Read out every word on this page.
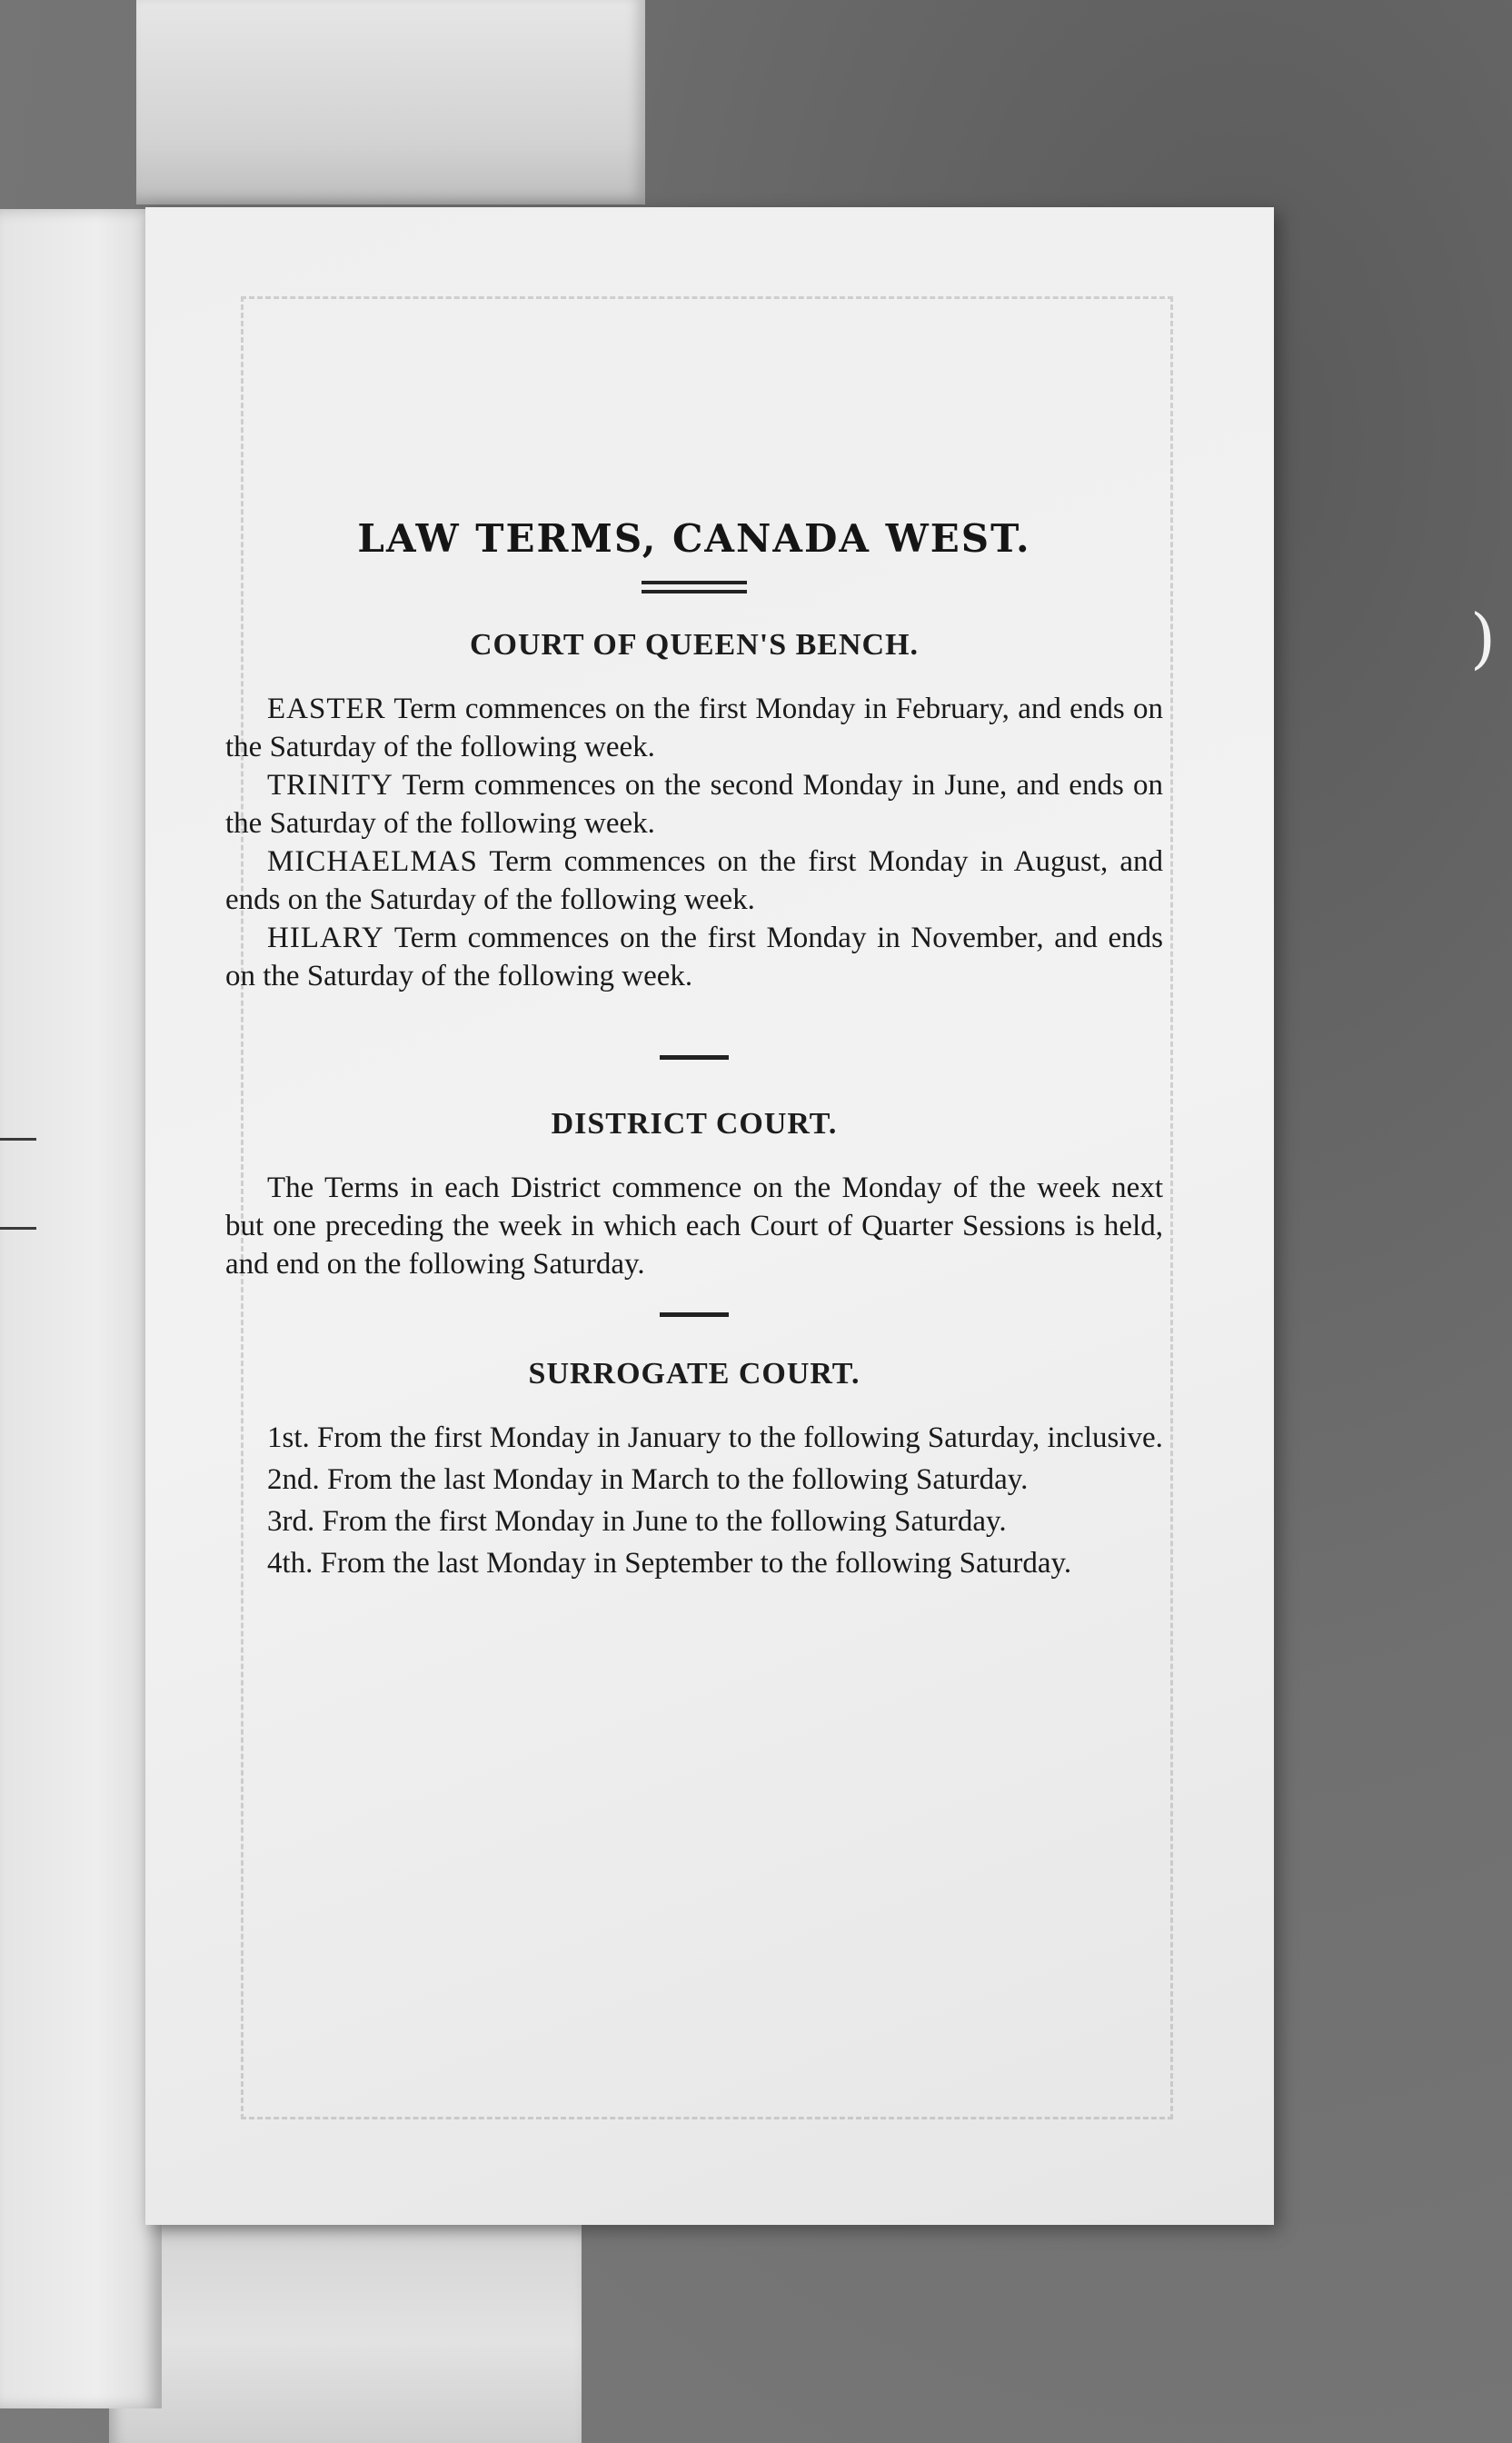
)
LAW TERMS, CANADA WEST.
COURT OF QUEEN'S BENCH.

EASTER Term commences on the first Monday in February, and ends on the Saturday of the following week.

TRINITY Term commences on the second Monday in June, and ends on the Saturday of the following week.

MICHAELMAS Term commences on the first Monday in August, and ends on the Saturday of the following week.

HILARY Term commences on the first Monday in November, and ends on the Saturday of the following week.

DISTRICT COURT.

The Terms in each District commence on the Monday of the week next but one preceding the week in which each Court of Quarter Sessions is held, and end on the following Saturday.

SURROGATE COURT.

1st. From the first Monday in January to the following Saturday, inclusive.

2nd. From the last Monday in March to the following Saturday.

3rd. From the first Monday in June to the following Saturday.

4th. From the last Monday in September to the following Saturday.
